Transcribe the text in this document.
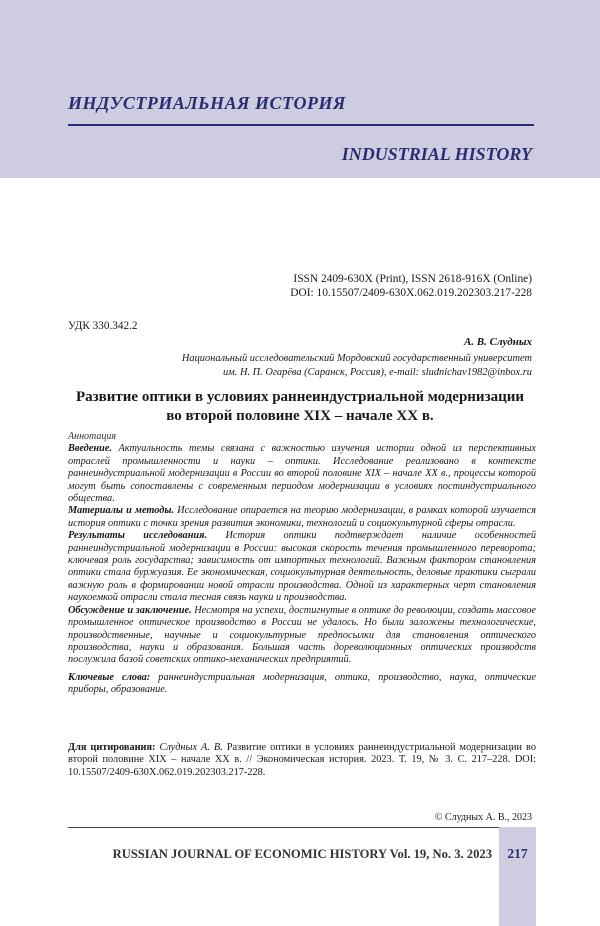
ИНДУСТРИАЛЬНАЯ ИСТОРИЯ
INDUSTRIAL HISTORY
ISSN 2409-630X (Print), ISSN 2618-916X (Online)
DOI: 10.15507/2409-630X.062.019.202303.217-228
УДК 330.342.2
А. В. Слудных
Национальный исследовательский Мордовский государственный университет
им. Н. П. Огарёва (Саранск, Россия), e-mail: sludnichav1982@inbox.ru
Развитие оптики в условиях раннеиндустриальной модернизации
во второй половине XIX – начале XX в.

Аннотация

Введение. Актуальность темы связана с важностью изучения истории одной из перспективных отраслей промышленности и науки – оптики. Исследование реализовано в контексте раннеиндустриальной модернизации в России во второй половине XIX – начале XX в., процессы которой могут быть сопоставлены с современным периодом модернизации в условиях постиндустриального общества.

Материалы и методы. Исследование опирается на теорию модернизации, в рамках которой изучается история оптики с точки зрения развития экономики, технологий и социокультурной сферы отрасли.

Результаты исследования. История оптики подтверждает наличие особенностей раннеиндустриальной модернизации в России: высокая скорость течения промышленного переворота; ключевая роль государства; зависимость от импортных технологий. Важным фактором становления оптики стала буржуазия. Ее экономическая, социокультурная деятельность, деловые практики сыграли важную роль в формировании новой отрасли производства. Одной из характерных черт становления наукоемкой отрасли стала тесная связь науки и производства.

Обсуждение и заключение. Несмотря на успехи, достигнутые в оптике до революции, создать массовое промышленное оптическое производство в России не удалось. Но были заложены технологические, производственные, научные и социокультурные предпосылки для становления оптического производства, науки и образования. Большая часть дореволюционных оптических производств послужила базой советских оптико-механических предприятий.

Ключевые слова: раннеиндустриальная модернизация, оптика, производство, наука, оптические приборы, образование.

Для цитирования: Слудных А. В. Развитие оптики в условиях раннеиндустриальной модернизации во второй половине XIX – начале XX в. // Экономическая история. 2023. Т. 19, № 3. С. 217–228. DOI: 10.15507/2409-630X.062.019.202303.217-228.
© Слудных А. В., 2023
RUSSIAN JOURNAL OF ECONOMIC HISTORY Vol. 19, No. 3. 2023	217
